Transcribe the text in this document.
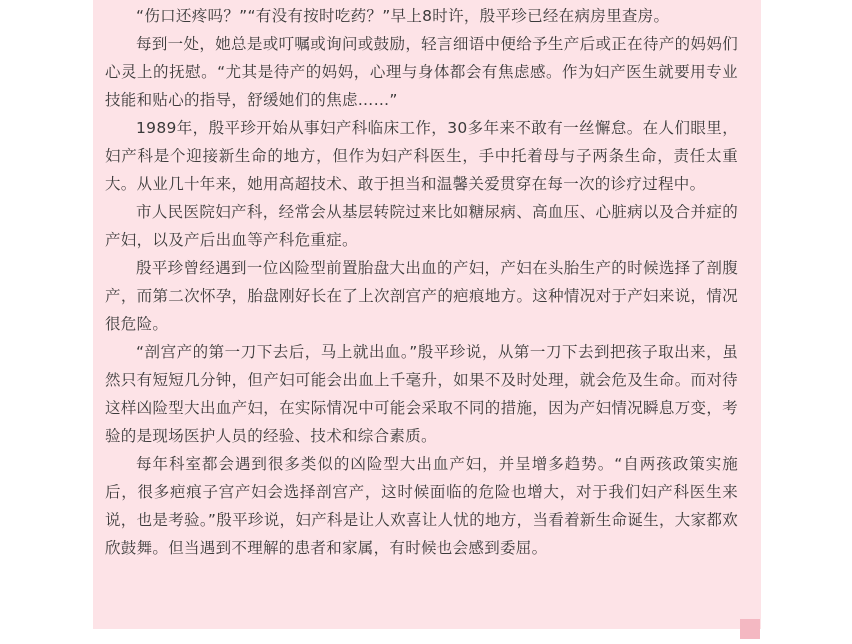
“伤口还疼吗？”“有没有按时吃药？”早上8时许，殷平珍已经在病房里查房。

每到一处，她总是或叮嘱或询问或鼓励，轻言细语中便给予生产后或正在待产的妈妈们心灵上的抚慰。“尤其是待产的妈妈，心理与身体都会有焦虑感。作为妇产医生就要用专业技能和贴心的指导，舒缓她们的焦虑……”

1989年，殷平珍开始从事妇产科临床工作，30多年来不敢有一丝懈怠。在人们眼里，妇产科是个迎接新生命的地方，但作为妇产科医生，手中托着母与子两条生命，责任太重大。从业几十年来，她用高超技术、敢于担当和温馨关爱贯穿在每一次的诊疗过程中。

市人民医院妇产科，经常会从基层转院过来比如糖尿病、高血压、心脏病以及合并症的产妇，以及产后出血等产科危重症。

殷平珍曾经遇到一位凶险型前置胎盘大出血的产妇，产妇在头胎生产的时候选择了剖腹产，而第二次怀孕，胎盘刚好长在了上次剖宫产的疤痕地方。这种情况对于产妇来说，情况很危险。

“剖宫产的第一刀下去后，马上就出血。”殷平珍说，从第一刀下去到把孩子取出来，虽然只有短短几分钟，但产妇可能会出血上千毫升，如果不及时处理，就会危及生命。而对待这样凶险型大出血产妇，在实际情况中可能会采取不同的措施，因为产妇情况瞬息万变，考验的是现场医护人员的经验、技术和综合素质。

每年科室都会遇到很多类似的凶险型大出血产妇，并呈增多趋势。“自两孩政策实施后，很多疤痕子宫产妇会选择剖宫产，这时候面临的危险也增大，对于我们妇产科医生来说，也是考验。”殷平珍说，妇产科是让人欢喜让人忧的地方，当看着新生命诞生，大家都欢欣鼓舞。但当遇到不理解的患者和家属，有时候也会感到委屈。
